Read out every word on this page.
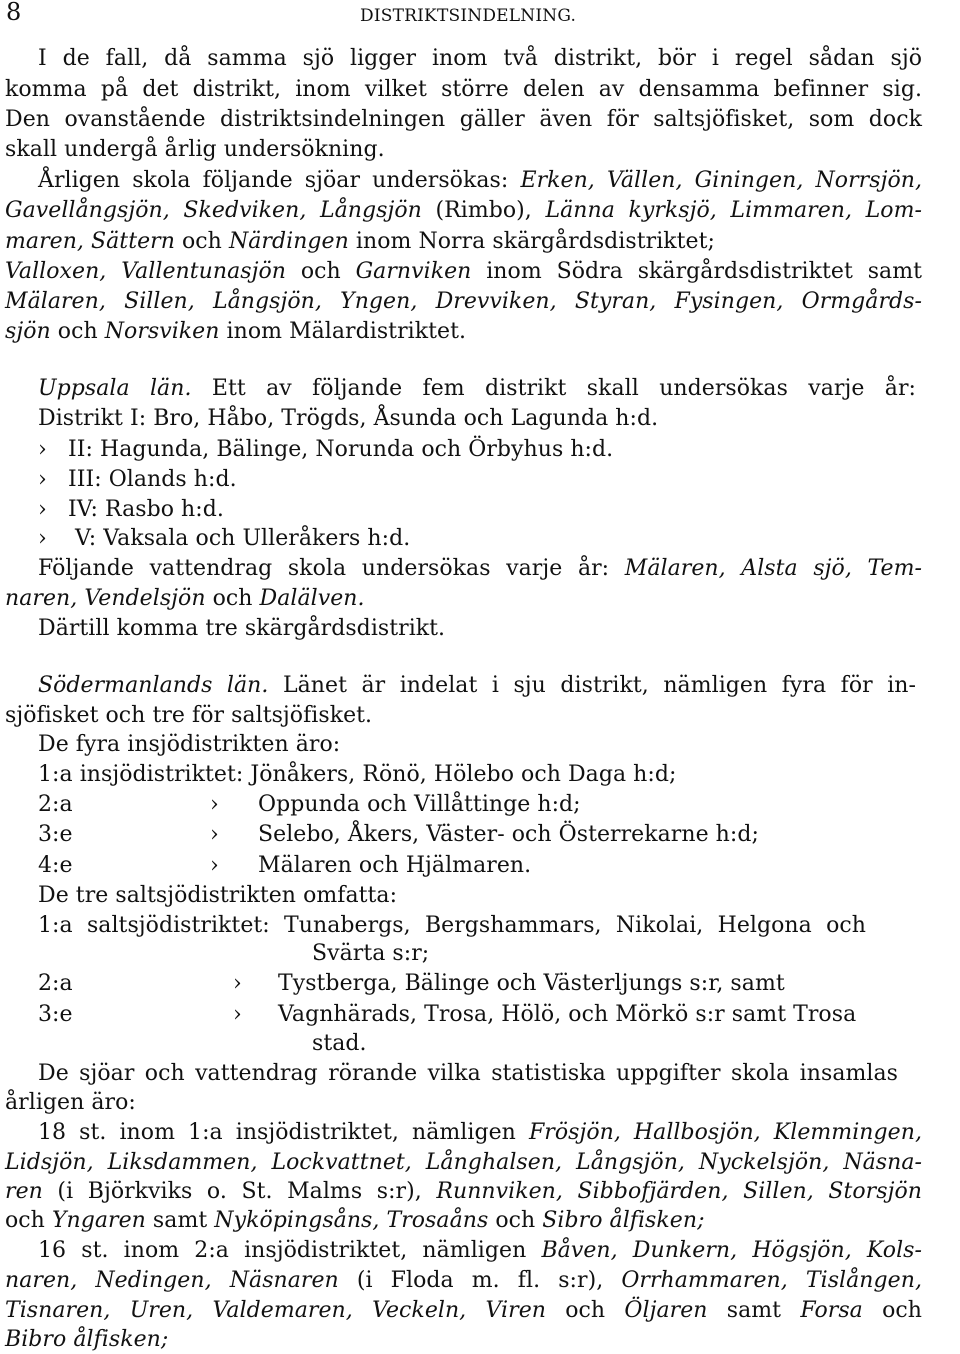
8	DISTRIKTSINDELNING.
I de fall, då samma sjö ligger inom två distrikt, bör i regel sådan sjö
komma på det distrikt, inom vilket större delen av densamma befinner sig.
Den ovanstående distriktsindelningen gäller även för saltsjöfisket, som dock
skall undergå årlig undersökning.
Årligen skola följande sjöar undersökas: Erken, Vällen, Giningen, Norrsjön,
Gavellångsjön, Skedviken, Långsjön (Rimbo), Länna kyrksjö, Limmaren, Lom-
maren, Sättern och Närdingen inom Norra skärgårdsdistriktet;
Valloxen, Vallentunasjön och Garnviken inom Södra skärgårdsdistriktet samt
Mälaren, Sillen, Långsjön, Yngen, Drevviken, Styran, Fysingen, Ormgårds-
sjön och Norsviken inom Mälardistriktet.
Uppsala län. Ett av följande fem distrikt skall undersökas varje år:
Distrikt I: Bro, Håbo, Trögds, Åsunda och Lagunda h:d.
›   II: Hagunda, Bälinge, Norunda och Örbyhus h:d.
›   III: Olands h:d.
›   IV: Rasbo h:d.
›    V: Vaksala och Ulleråkers h:d.
Följande vattendrag skola undersökas varje år: Mälaren, Alsta sjö, Tem-
naren, Vendelsjön och Dalälven.
Därtill komma tre skärgårdsdistrikt.
Södermanlands län. Länet är indelat i sju distrikt, nämligen fyra för in-
sjöfisket och tre för saltsjöfisket.
De fyra insjödistrikten äro:
1:a insjödistriktet: Jönåkers, Rönö, Hölebo och Daga h:d;
2:a	› Oppunda och Villåttinge h:d;
3:e	› Selebo, Åkers, Väster- och Österrekarne h:d;
4:e	› Mälaren och Hjälmaren.
De tre saltsjödistrikten omfatta:
1:a saltsjödistriktet: Tunabergs, Bergshammars, Nikolai, Helgona och
Svärta s:r;
2:a	› Tystberga, Bälinge och Västerljungs s:r, samt
3:e	› Vagnhärads, Trosa, Hölö, och Mörkö s:r samt Trosa
stad.
De sjöar och vattendrag rörande vilka statistiska uppgifter skola insamlas
årligen äro:
18 st. inom 1:a insjödistriktet, nämligen Frösjön, Hallbosjön, Klemmingen,
Lidsjön, Liksdammen, Lockvattnet, Långhalsen, Långsjön, Nyckelsjön, Näsna-
ren (i Björkviks o. St. Malms s:r), Runnviken, Sibbofjärden, Sillen, Storsjön
och Yngaren samt Nyköpingsåns, Trosaåns och Sibro ålfisken;
16 st. inom 2:a insjödistriktet, nämligen Båven, Dunkern, Högsjön, Kols-
naren, Nedingen, Näsnaren (i Floda m. fl. s:r), Orrhammaren, Tislången,
Tisnaren, Uren, Valdemaren, Veckeln, Viren och Öljaren samt Forsa och
Bibro ålfisken;
